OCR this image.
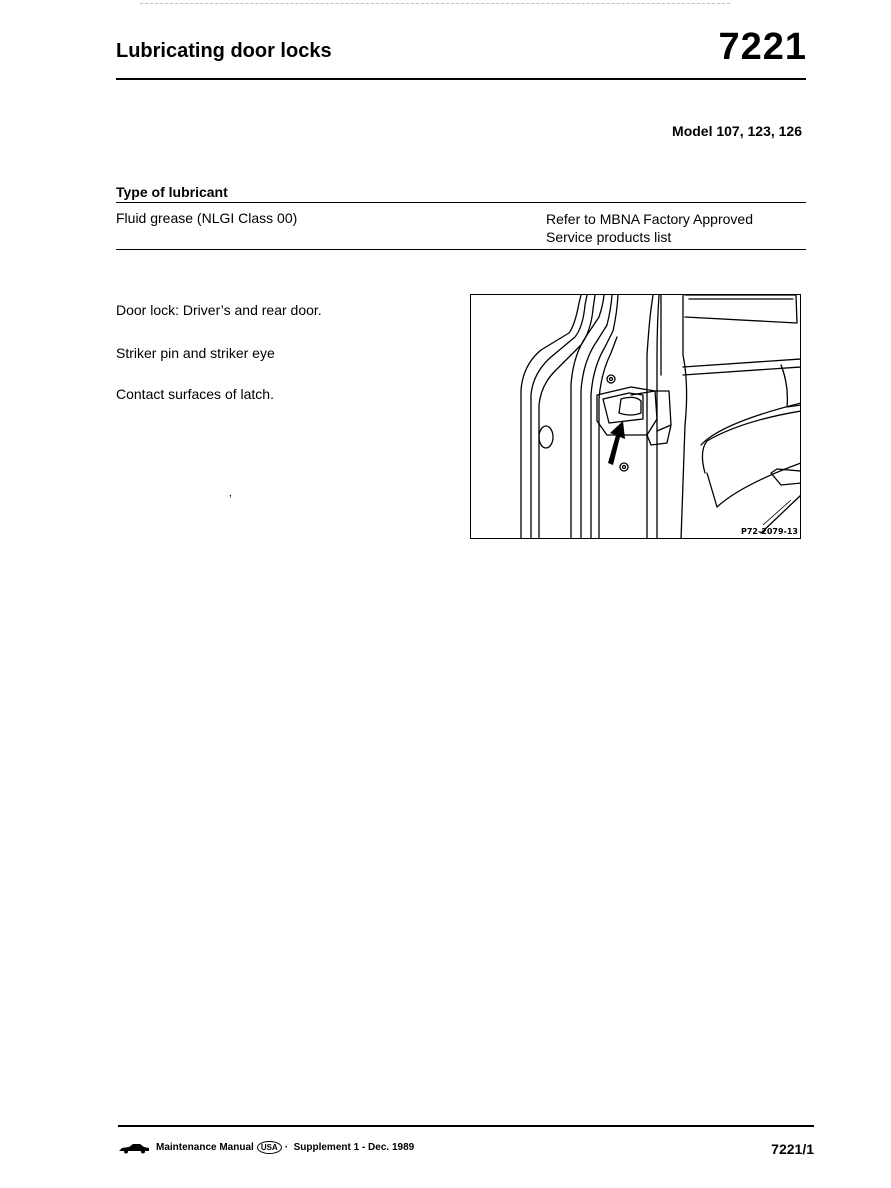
Lubricating door locks	7221
Model 107, 123, 126
Type of lubricant
Fluid grease (NLGI Class 00)	Refer to MBNA Factory Approved
Service products list
Door lock: Driver’s and rear door.
Striker pin and striker eye
Contact surfaces of latch.
‚
P72-2079-13
Maintenance Manual USA · Supplement 1 - Dec. 1989	7221/1
